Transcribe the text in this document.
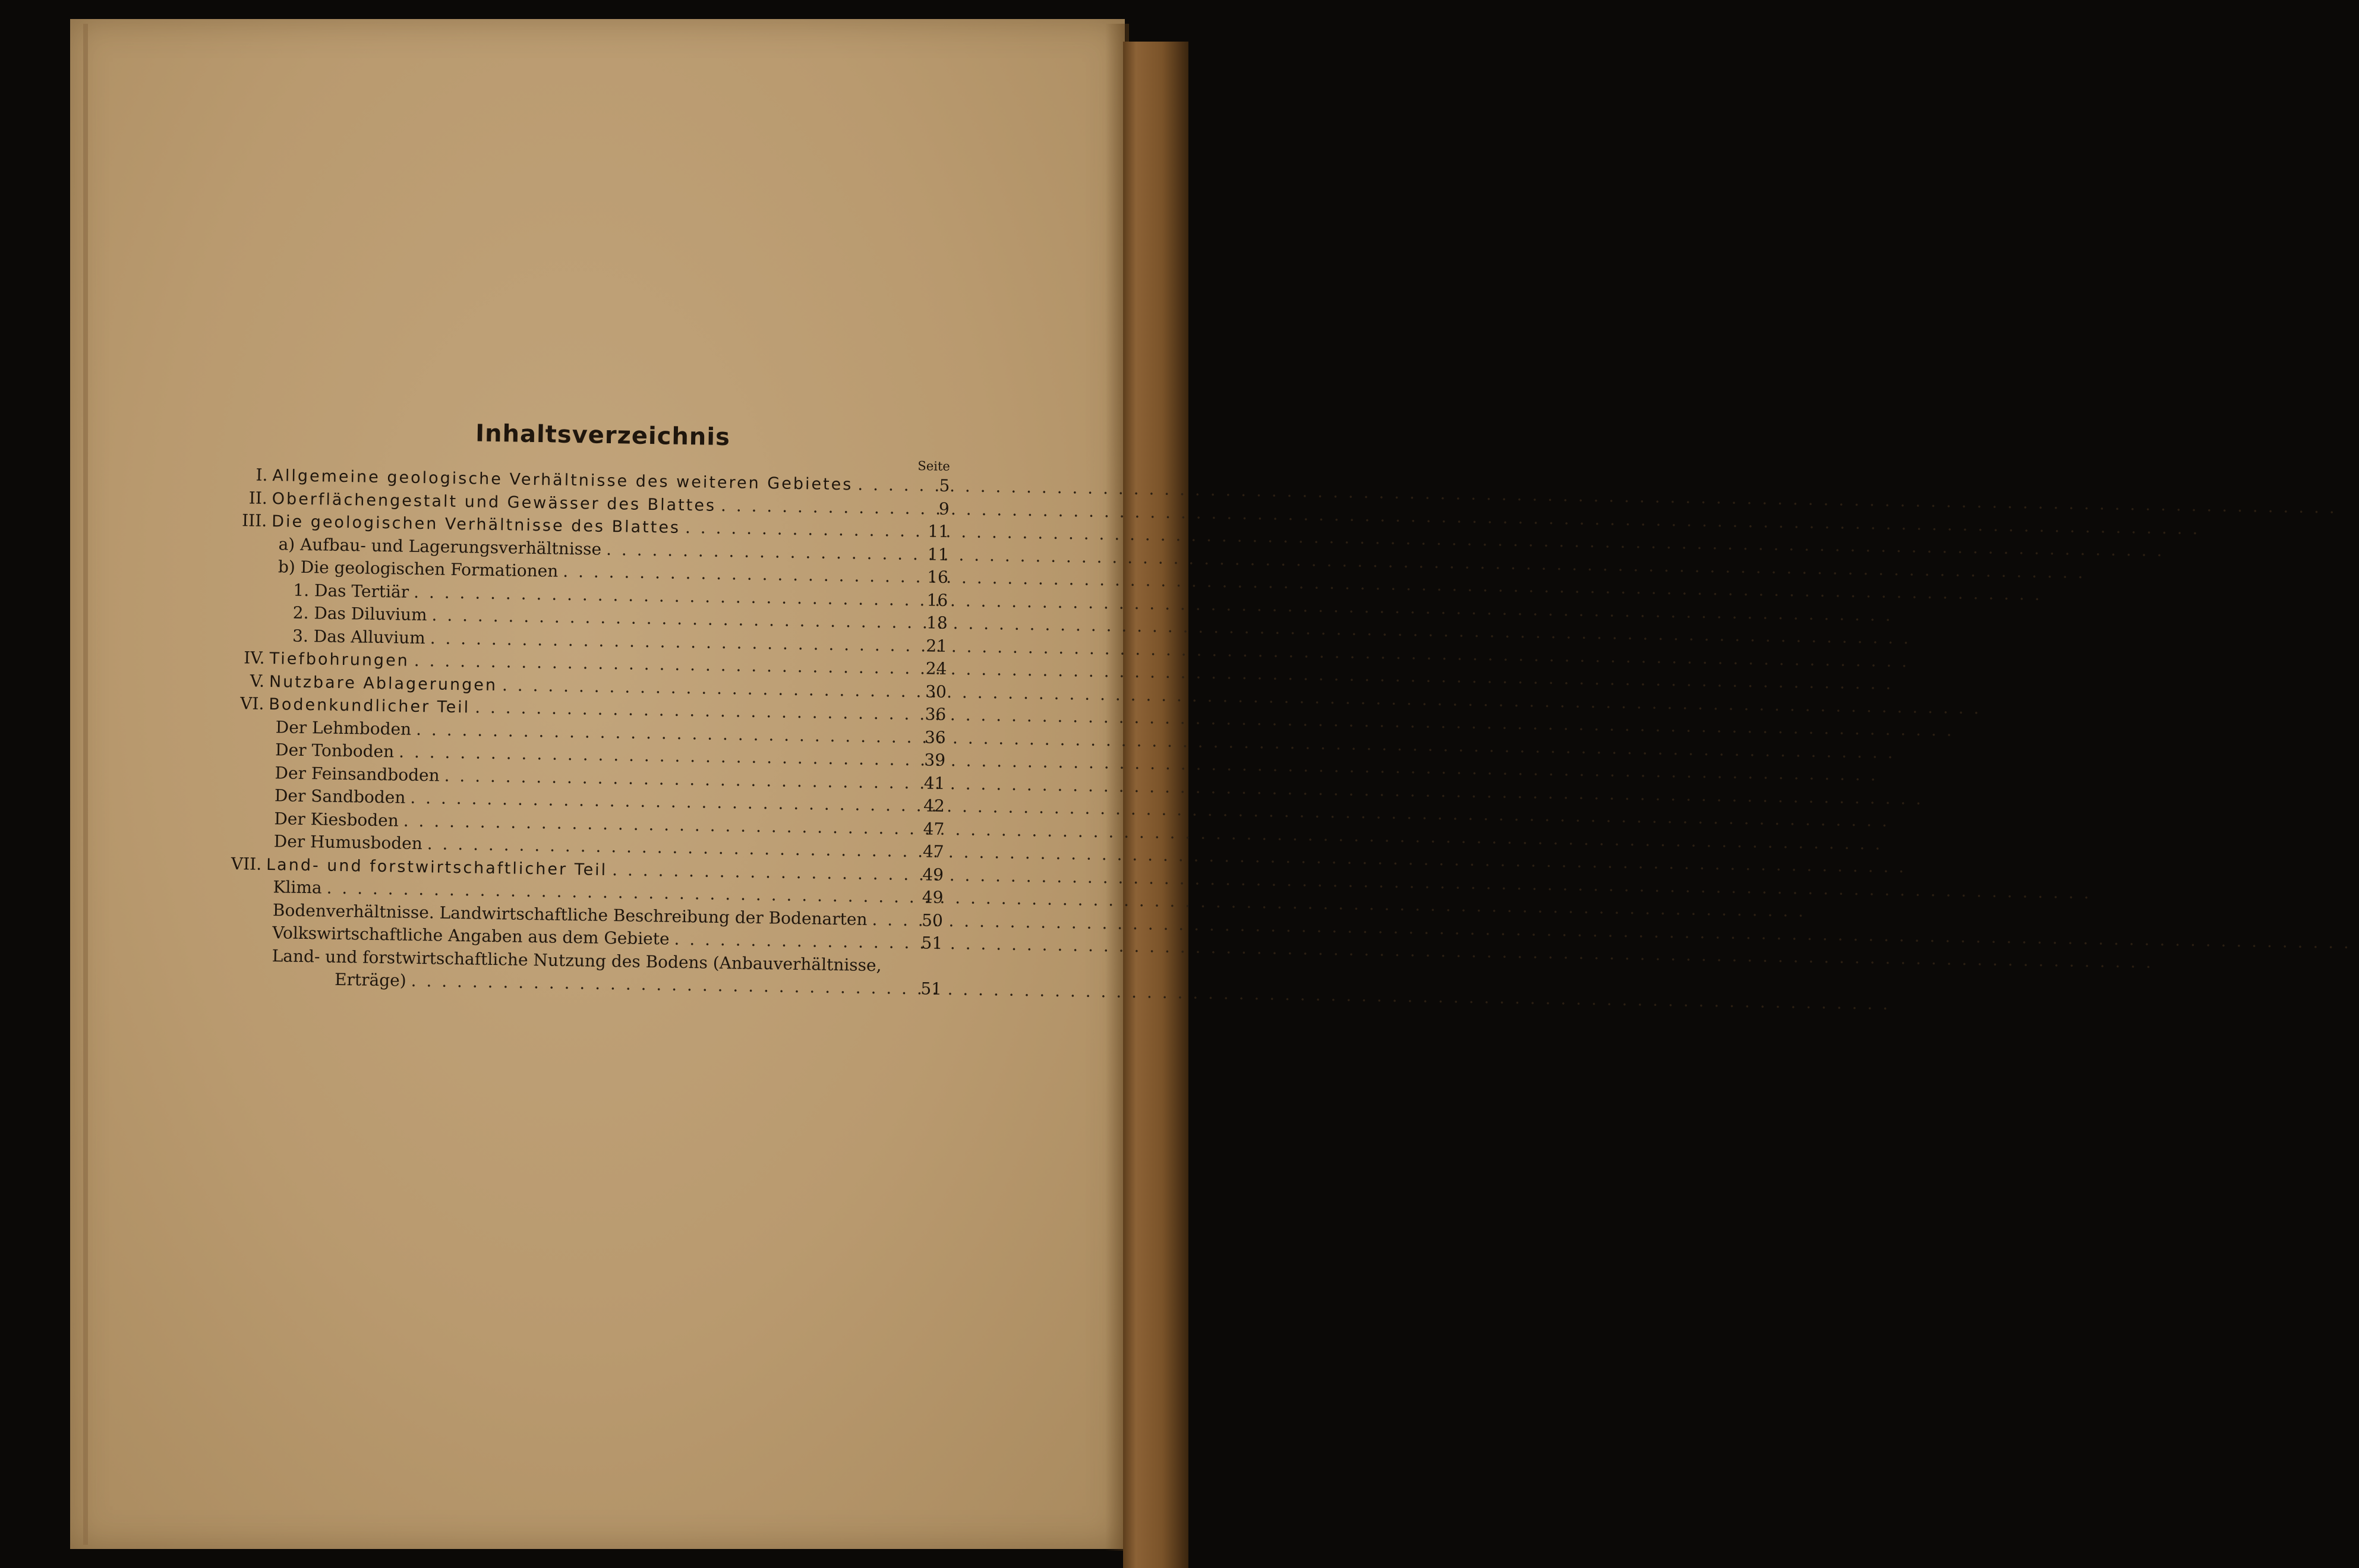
Inhaltsverzeichnis
Seite
I. Allgemeine geologische Verhältnisse des weiteren Gebietes . . .	5
II. Oberflächengestalt und Gewässer des Blattes . . .	9
III. Die geologischen Verhältnisse des Blattes . . .	11
a) Aufbau- und Lagerungsverhältnisse . . .	11
b) Die geologischen Formationen . . .	16
1. Das Tertiär . . .	16
2. Das Diluvium . . .	18
3. Das Alluvium . . .	21
IV. Tiefbohrungen . . .	24
V. Nutzbare Ablagerungen . . .	30
VI. Bodenkundlicher Teil . . .	36
Der Lehmboden . . .	36
Der Tonboden . . .	39
Der Feinsandboden . . .	41
Der Sandboden . . .	42
Der Kiesboden . . .	47
Der Humusboden . . .	47
VII. Land- und forstwirtschaftlicher Teil . . .	49
Klima . . .	49
Bodenverhältnisse. Landwirtschaftliche Beschreibung der Bodenarten . . .	50
Volkswirtschaftliche Angaben aus dem Gebiete . . .	51
Land- und forstwirtschaftliche Nutzung des Bodens (Anbauverhältnisse,
Erträge) . . .	51
